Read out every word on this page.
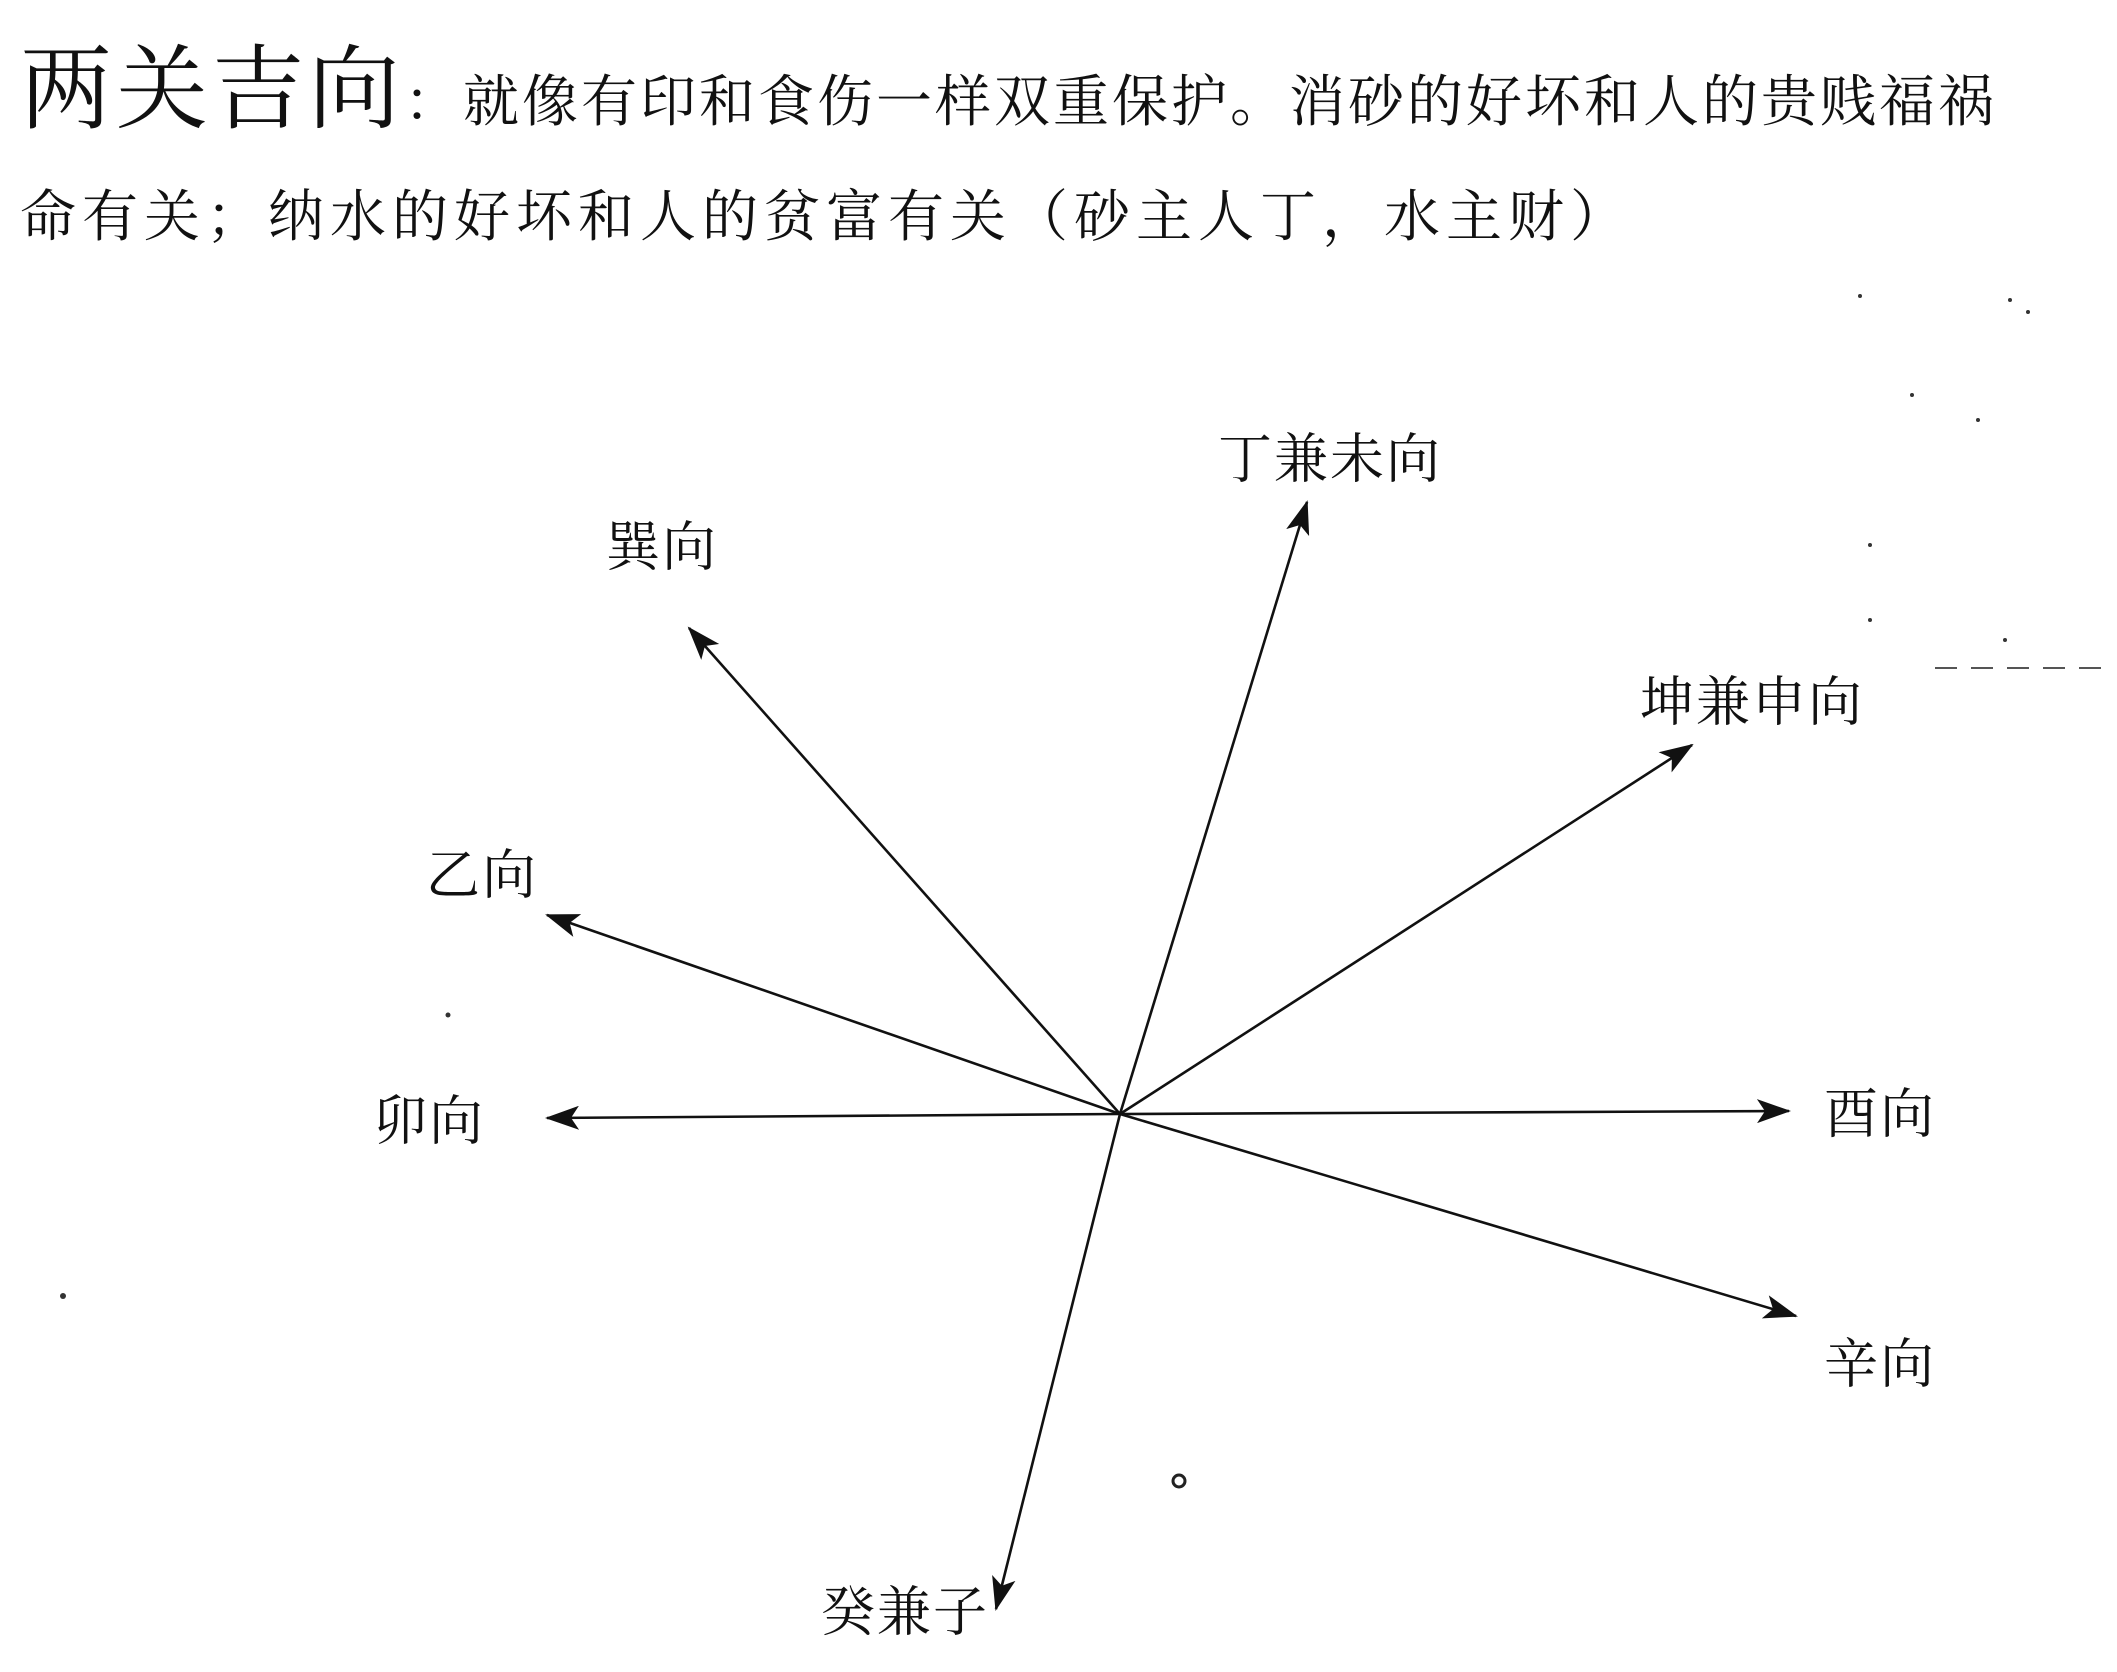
两关吉向 ：就像有印和食伤一样双重保护。消砂的好坏和人的贵贱福祸
命有关；纳水的好坏和人的贫富有关（砂主人丁，水主财）
丁兼未向
巽向
坤兼申向
乙向
卯向	酉向
辛向
癸兼子
